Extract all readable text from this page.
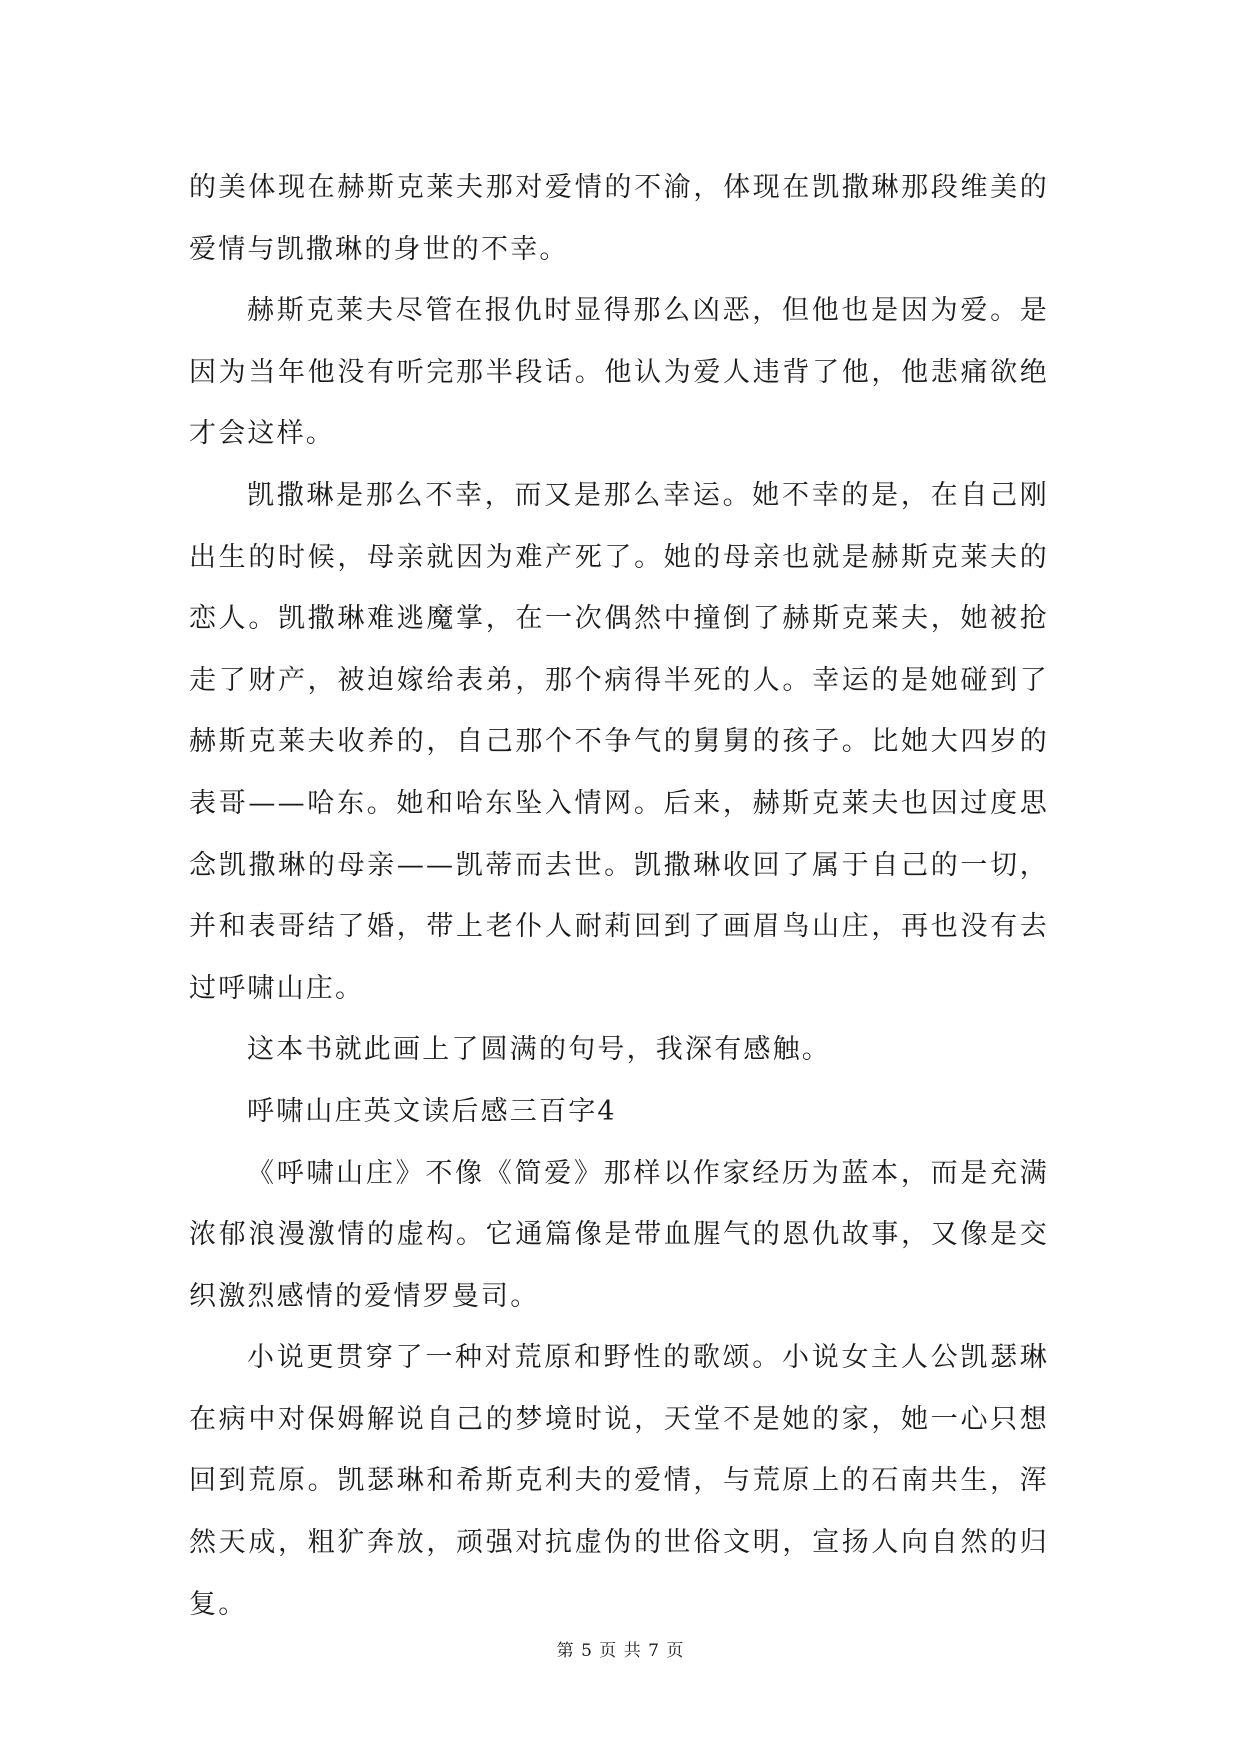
的美体现在赫斯克莱夫那对爱情的不渝，体现在凯撒琳那段维美的爱情与凯撒琳的身世的不幸。

赫斯克莱夫尽管在报仇时显得那么凶恶，但他也是因为爱。是因为当年他没有听完那半段话。他认为爱人违背了他，他悲痛欲绝才会这样。

凯撒琳是那么不幸，而又是那么幸运。她不幸的是，在自己刚出生的时候，母亲就因为难产死了。她的母亲也就是赫斯克莱夫的恋人。凯撒琳难逃魔掌，在一次偶然中撞倒了赫斯克莱夫，她被抢走了财产，被迫嫁给表弟，那个病得半死的人。幸运的是她碰到了赫斯克莱夫收养的，自己那个不争气的舅舅的孩子。比她大四岁的表哥——哈东。她和哈东坠入情网。后来，赫斯克莱夫也因过度思念凯撒琳的母亲——凯蒂而去世。凯撒琳收回了属于自己的一切，并和表哥结了婚，带上老仆人耐莉回到了画眉鸟山庄，再也没有去过呼啸山庄。

这本书就此画上了圆满的句号，我深有感触。

呼啸山庄英文读后感三百字4

《呼啸山庄》不像《简爱》那样以作家经历为蓝本，而是充满浓郁浪漫激情的虚构。它通篇像是带血腥气的恩仇故事，又像是交织激烈感情的爱情罗曼司。

小说更贯穿了一种对荒原和野性的歌颂。小说女主人公凯瑟琳在病中对保姆解说自己的梦境时说，天堂不是她的家，她一心只想回到荒原。凯瑟琳和希斯克利夫的爱情，与荒原上的石南共生，浑然天成，粗犷奔放，顽强对抗虚伪的世俗文明，宣扬人向自然的归复。

第 5 页 共 7 页
